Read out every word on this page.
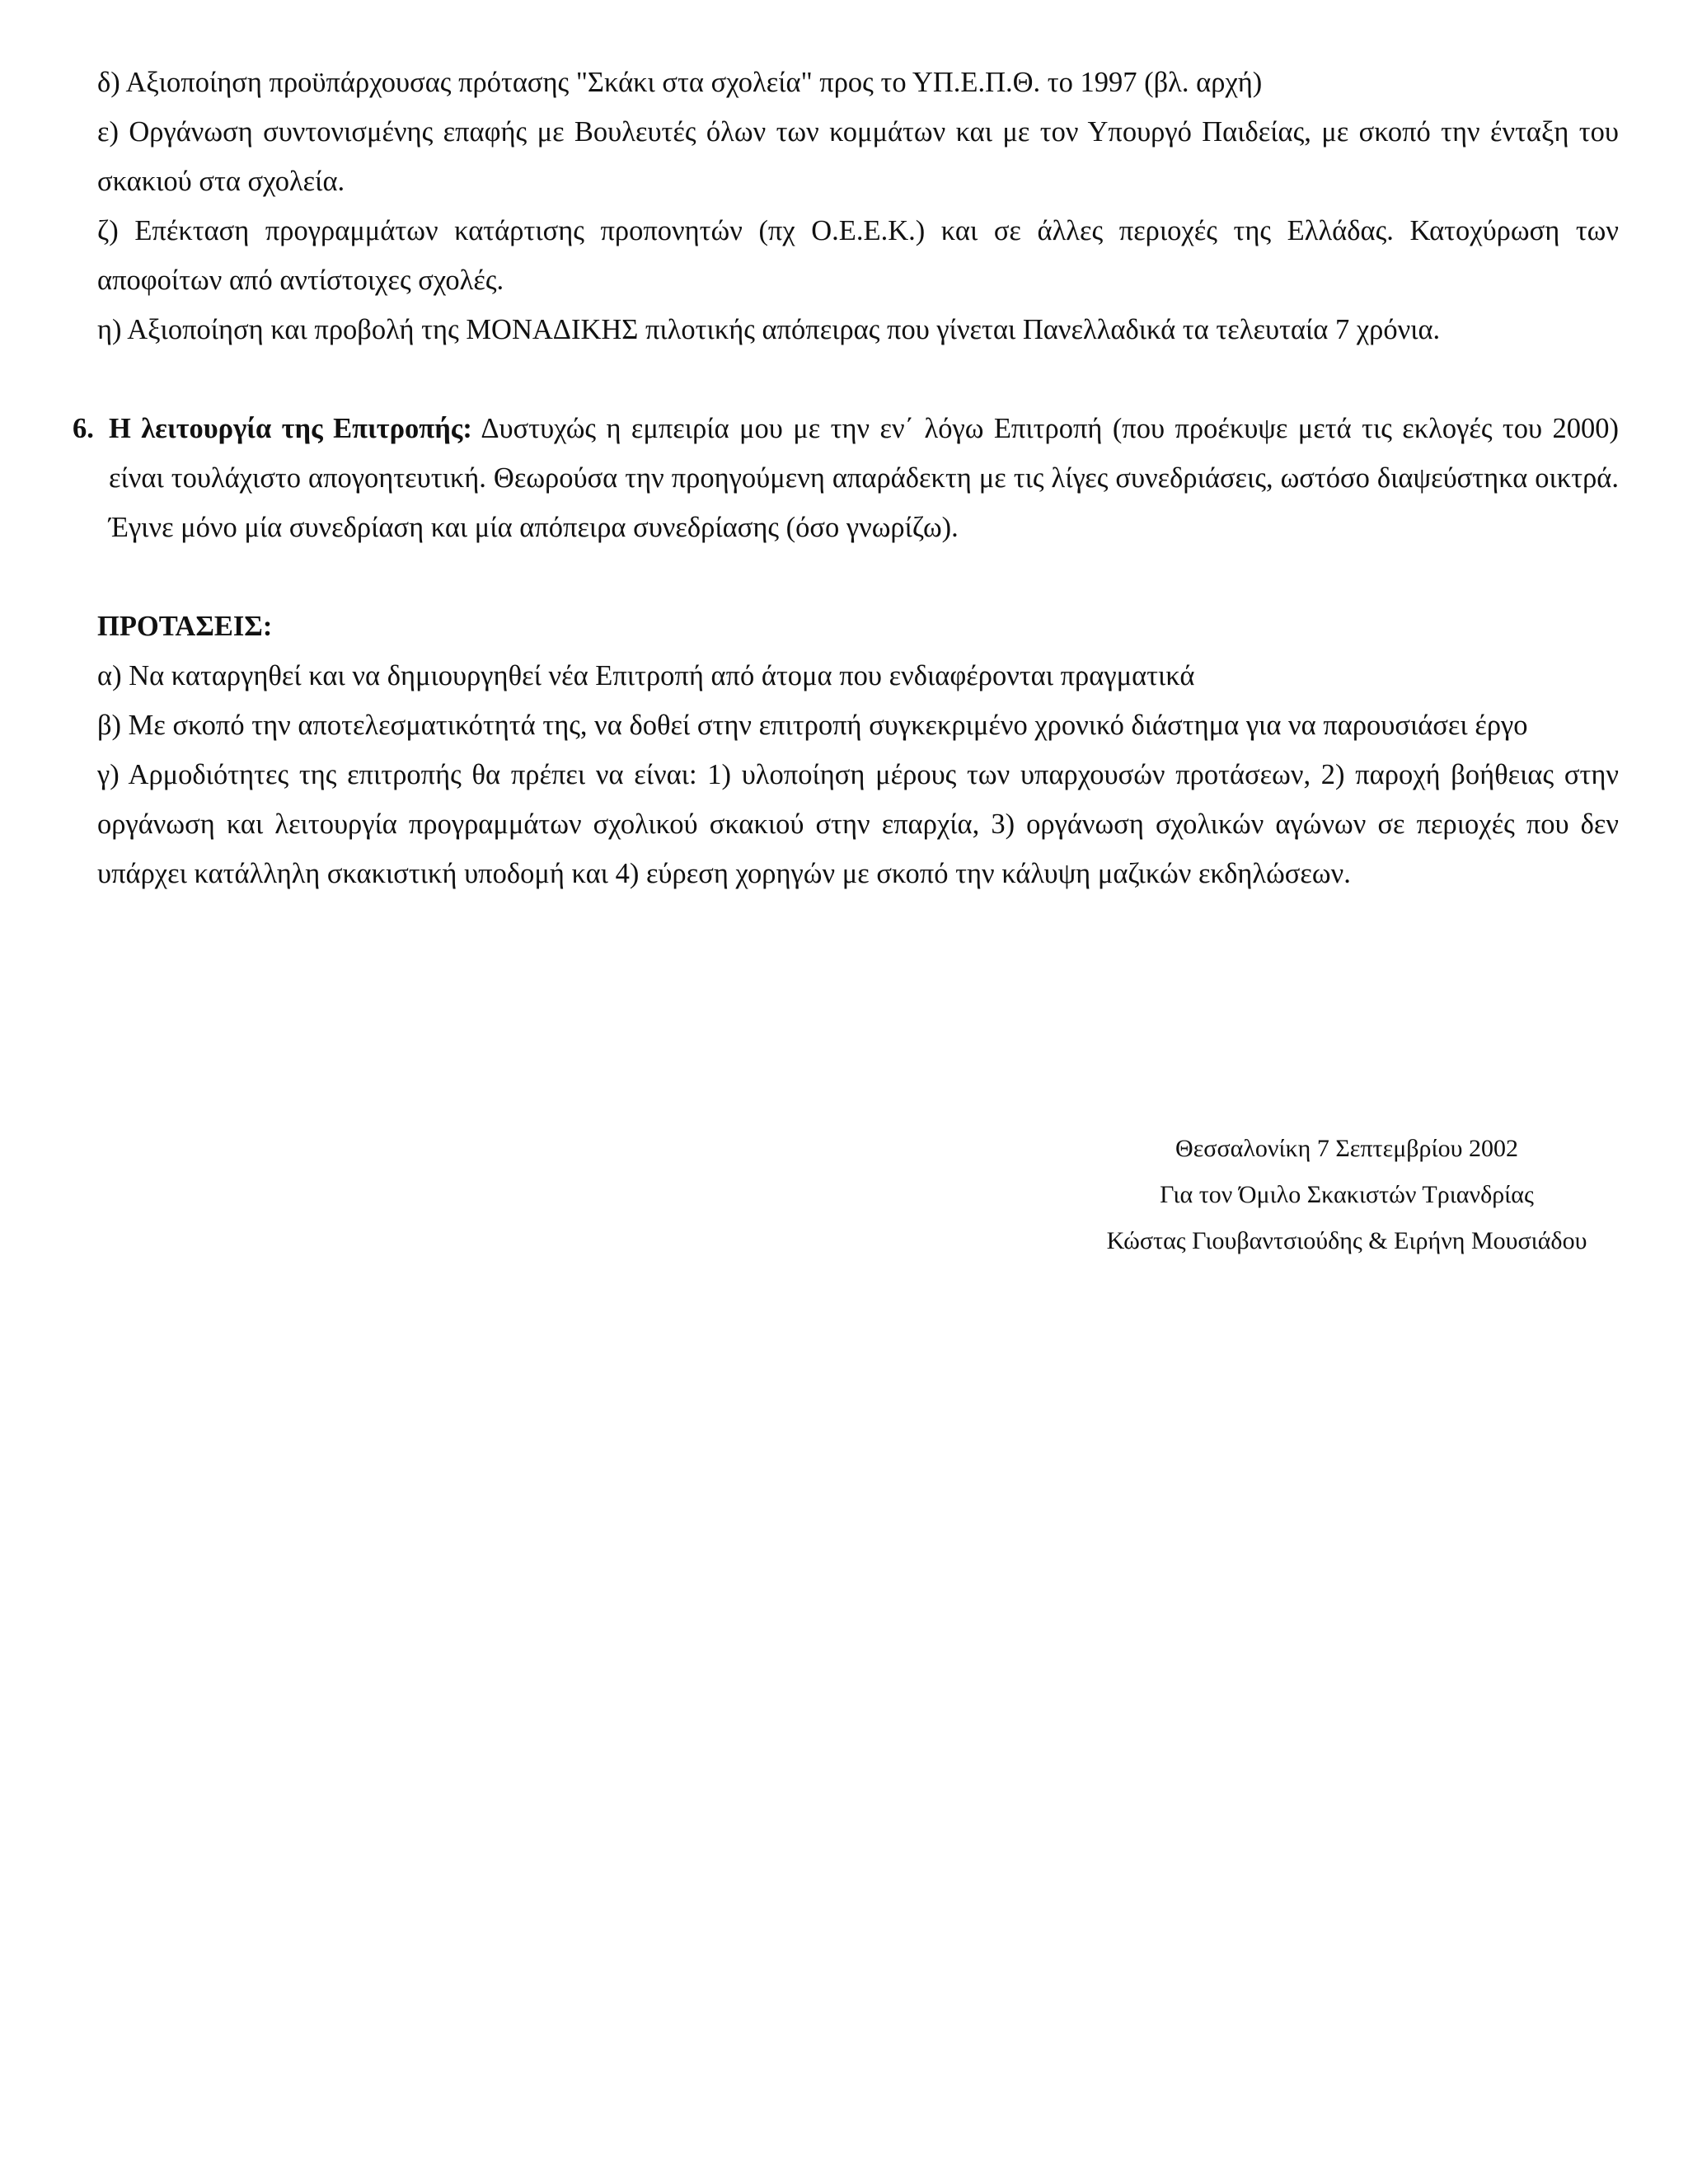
δ) Αξιοποίηση προϋπάρχουσας πρότασης "Σκάκι στα σχολεία" προς το ΥΠ.Ε.Π.Θ. το 1997 (βλ. αρχή)

ε) Οργάνωση συντονισμένης επαφής με Βουλευτές όλων των κομμάτων και με τον Υπουργό Παιδείας, με σκοπό την ένταξη του σκακιού στα σχολεία.

ζ) Επέκταση προγραμμάτων κατάρτισης προπονητών (πχ Ο.Ε.Ε.Κ.) και σε άλλες περιοχές της Ελλάδας. Κατοχύρωση των αποφοίτων από αντίστοιχες σχολές.

η) Αξιοποίηση και προβολή της ΜΟΝΑΔΙΚΗΣ πιλοτικής απόπειρας που γίνεται Πανελλαδικά τα τελευταία 7 χρόνια.

6. Η λειτουργία της Επιτροπής: Δυστυχώς η εμπειρία μου με την εν΄ λόγω Επιτροπή (που προέκυψε μετά τις εκλογές του 2000) είναι τουλάχιστο απογοητευτική. Θεωρούσα την προηγούμενη απαράδεκτη με τις λίγες συνεδριάσεις, ωστόσο διαψεύστηκα οικτρά. Έγινε μόνο μία συνεδρίαση και μία απόπειρα συνεδρίασης (όσο γνωρίζω).

ΠΡΟΤΑΣΕΙΣ:

α) Να καταργηθεί και να δημιουργηθεί νέα Επιτροπή από άτομα που ενδιαφέρονται πραγματικά

β) Με σκοπό την αποτελεσματικότητά της, να δοθεί στην επιτροπή συγκεκριμένο χρονικό διάστημα για να παρουσιάσει έργο

γ) Αρμοδιότητες της επιτροπής θα πρέπει να είναι: 1) υλοποίηση μέρους των υπαρχουσών προτάσεων, 2) παροχή βοήθειας στην οργάνωση και λειτουργία προγραμμάτων σχολικού σκακιού στην επαρχία, 3) οργάνωση σχολικών αγώνων σε περιοχές που δεν υπάρχει κατάλληλη σκακιστική υποδομή και 4) εύρεση χορηγών με σκοπό την κάλυψη μαζικών εκδηλώσεων.

Θεσσαλονίκη 7 Σεπτεμβρίου 2002
Για τον Όμιλο Σκακιστών Τριανδρίας
Κώστας Γιουβαντσιούδης & Ειρήνη Μουσιάδου
